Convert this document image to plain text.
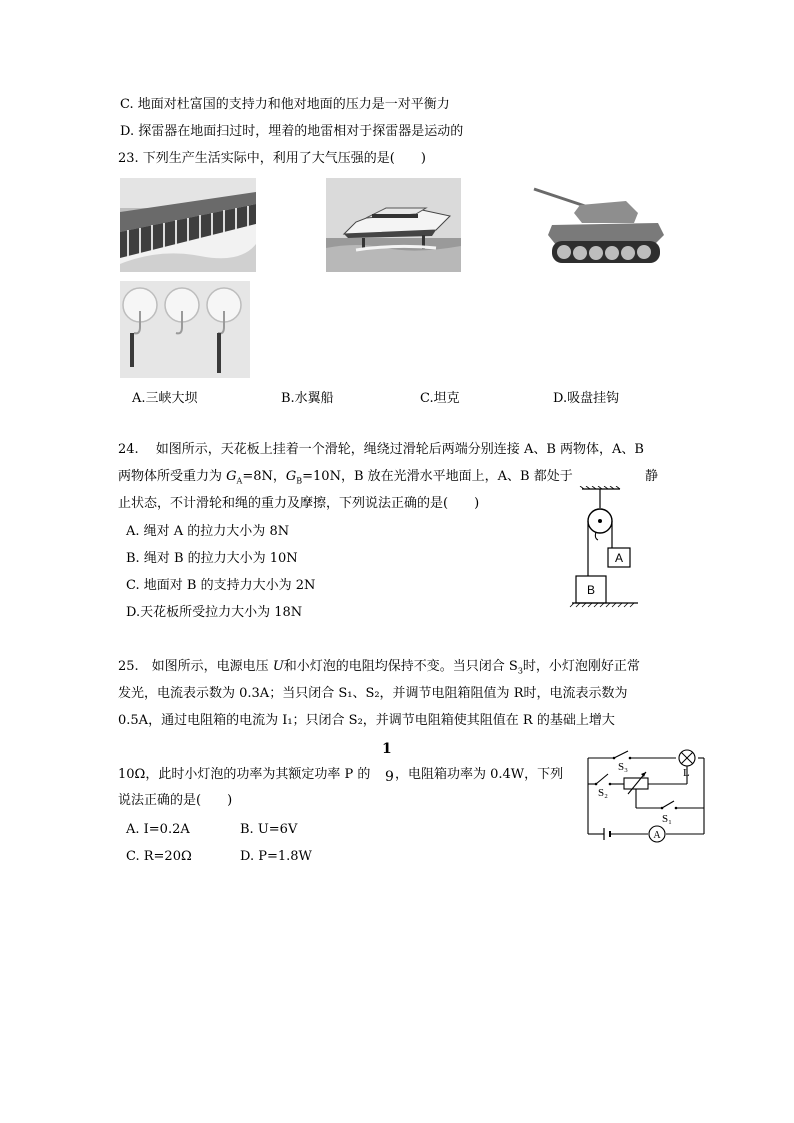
C. 地面对杜富国的支持力和他对地面的压力是一对平衡力
D. 探雷器在地面扫过时，埋着的地雷相对于探雷器是运动的
23. 下列生产生活实际中，利用了大气压强的是(　　)
A.三峡大坝	B.水翼船	C.坦克	D.吸盘挂钩
24.　 如图所示，天花板上挂着一个滑轮，绳绕过滑轮后两端分别连接 A、B 两物体，A、B
两物体所受重力为 $G_A=8N$，$G_B=10N$，B 放在光滑水平地面上，A、B 都处于	静
止状态，不计滑轮和绳的重力及摩擦，下列说法正确的是(　　)
A. 绳对 A 的拉力大小为 8N
B. 绳对 B 的拉力大小为 10N
C. 地面对 B 的支持力大小为 2N
D.天花板所受拉力大小为 18N
A
B
25.　如图所示，电源电压 U和小灯泡的电阻均保持不变。当只闭合 $S_3$时，小灯泡刚好正常
发光，电流表示数为 0.3A；当只闭合 S₁、S₂，并调节电阻箱阻值为 R时，电流表示数为
0.5A，通过电阻箱的电流为 I₁；只闭合 S₂，并调节电阻箱使其阻值在 R 的基础上增大
1
9
10Ω，此时小灯泡的功率为其额定功率 P 的 ，电阻箱功率为 0.4W，下列
说法正确的是(　　)
A. I=0.2A	B. U=6V
C. R=20Ω	D. P=1.8W
S₃
S₂
S₁
L
A
